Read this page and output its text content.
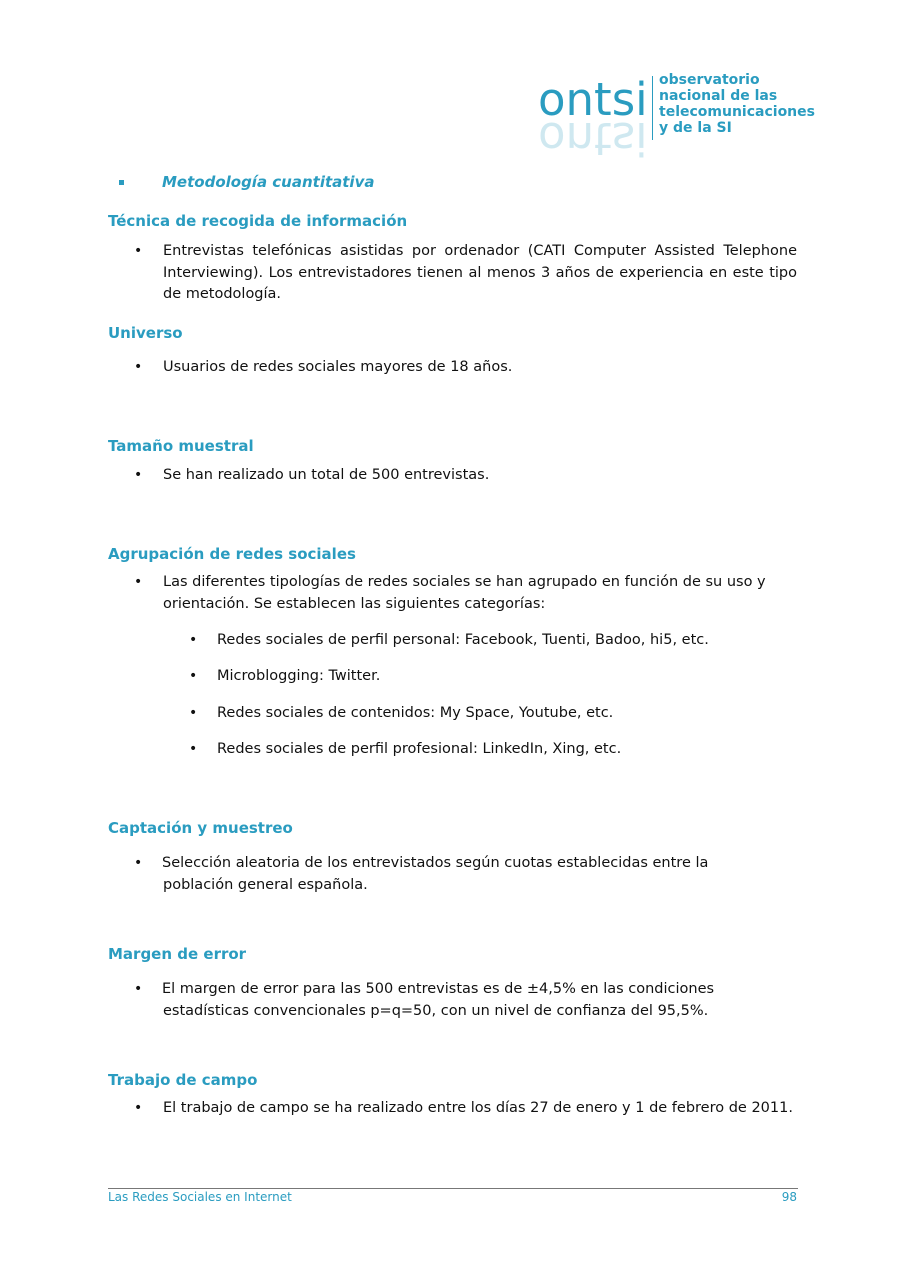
ontsi
ontsi
observatorio
nacional de las
telecomunicaciones
y de la SI
Metodología cuantitativa
Técnica de recogida de información
• Entrevistas telefónicas asistidas por ordenador (CATI Computer Assisted Telephone Interviewing). Los entrevistadores tienen al menos 3 años de experiencia en este tipo de metodología.
Universo
• Usuarios de redes sociales mayores de 18 años.
Tamaño muestral
• Se han realizado un total de 500 entrevistas.
Agrupación de redes sociales
• Las diferentes tipologías de redes sociales se han agrupado en función de su uso y orientación. Se establecen las siguientes categorías:
• Redes sociales de perfil personal: Facebook, Tuenti, Badoo, hi5, etc.
• Microblogging: Twitter.
• Redes sociales de contenidos: My Space, Youtube, etc.
• Redes sociales de perfil profesional: LinkedIn, Xing, etc.
Captación y muestreo
• Selección aleatoria de los entrevistados según cuotas establecidas entre la
población general española.
Margen de error
• El margen de error para las 500 entrevistas es de ±4,5% en las condiciones
estadísticas convencionales p=q=50, con un nivel de confianza del 95,5%.
Trabajo de campo
• El trabajo de campo se ha realizado entre los días 27 de enero y 1 de febrero de 2011.
Las Redes Sociales en Internet	98
